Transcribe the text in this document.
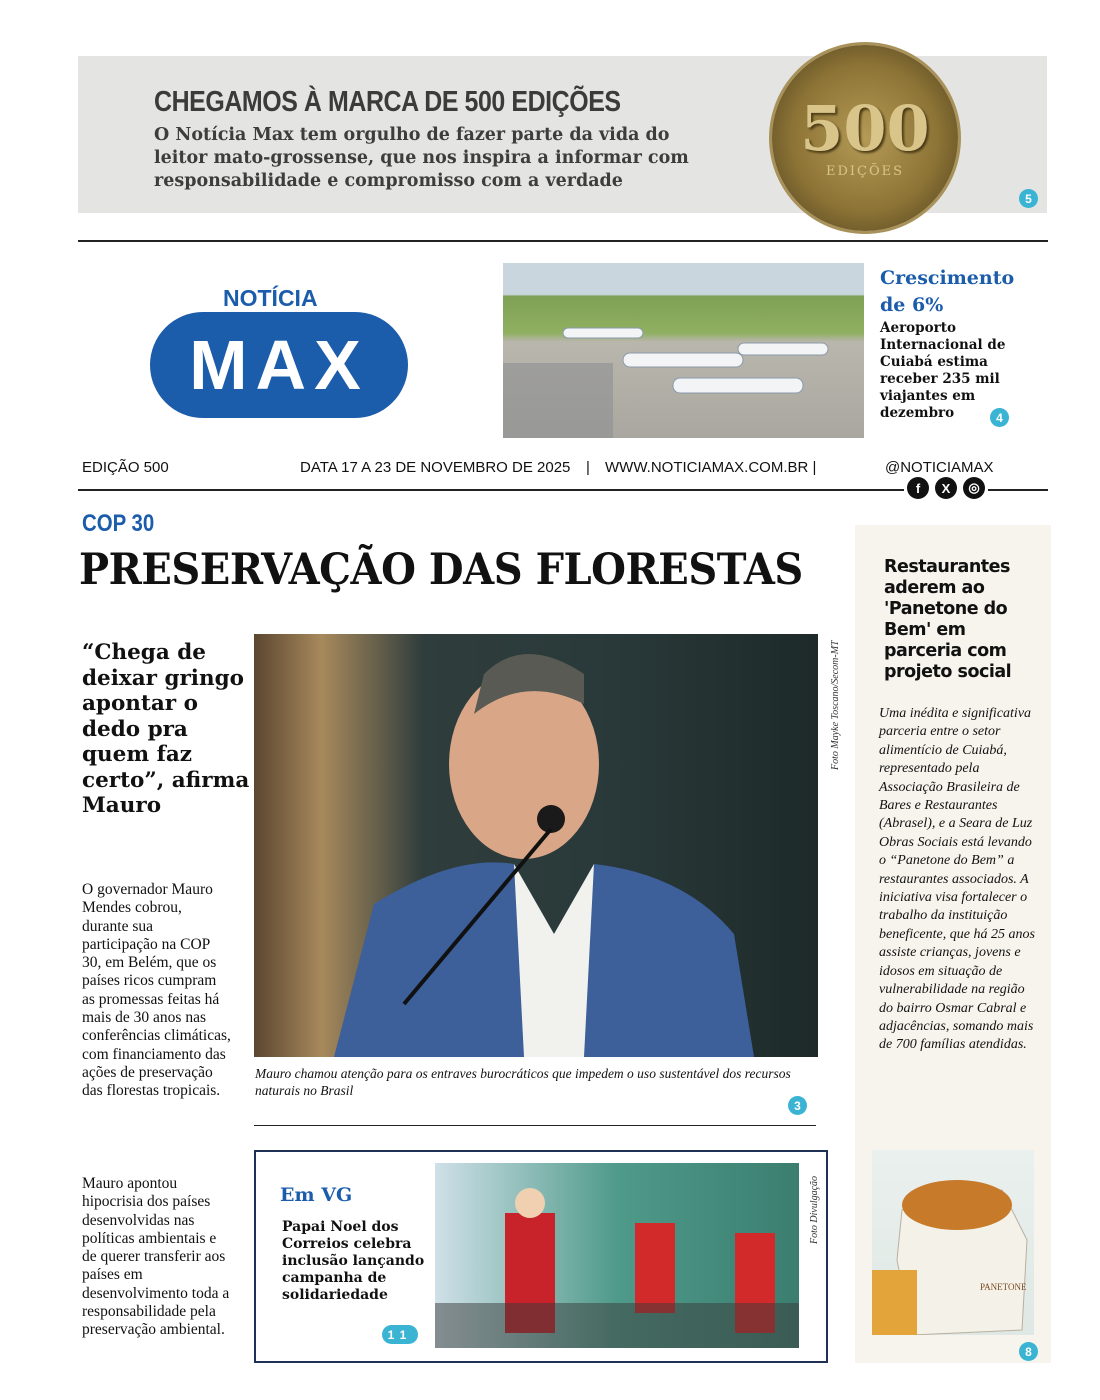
CHEGAMOS À MARCA DE 500 EDIÇÕES

O Notícia Max tem orgulho de fazer parte da vida do leitor mato-grossense, que nos inspira a informar com responsabilidade e compromisso com a verdade

500
EDIÇÕES
5
NOTÍCIA
MAX
Crescimento de 6%
Aeroporto Internacional de Cuiabá estima receber 235 mil viajantes em dezembro	4
EDIÇÃO 500	DATA 17 A 23 DE NOVEMBRO DE 2025 | WWW.NOTICIAMAX.COM.BR |	@NOTICIAMAX
f	X	◎
COP 30
PRESERVAÇÃO DAS FLORESTAS
“Chega de deixar gringo apontar o dedo pra quem faz certo”, afirma Mauro
O governador Mauro Mendes cobrou, durante sua participação na COP 30, em Belém, que os países ricos cumpram as promessas feitas há mais de 30 anos nas conferências climáticas, com financiamento das ações de preservação das florestas tropicais.
Mauro apontou hipocrisia dos países desenvolvidas nas políticas ambientais e de querer transferir aos países em desenvolvimento toda a responsabilidade pela preservação ambiental.
Foto Mayke Toscano/Secom-MT
Mauro chamou atenção para os entraves burocráticos que impedem o uso sustentável dos recursos naturais no Brasil
3
Em VG
Papai Noel dos Correios celebra inclusão lançando campanha de solidariedade
Foto Divulgação
11
Restaurantes aderem ao 'Panetone do Bem' em parceria com projeto social
Uma inédita e significativa parceria entre o setor alimentício de Cuiabá, representado pela Associação Brasileira de Bares e Restaurantes (Abrasel), e a Seara de Luz Obras Sociais está levando o “Panetone do Bem” a restaurantes associados. A iniciativa visa fortalecer o trabalho da instituição beneficente, que há 25 anos assiste crianças, jovens e idosos em situação de vulnerabilidade na região do bairro Osmar Cabral e adjacências, somando mais de 700 famílias atendidas.
PANETONE
8
